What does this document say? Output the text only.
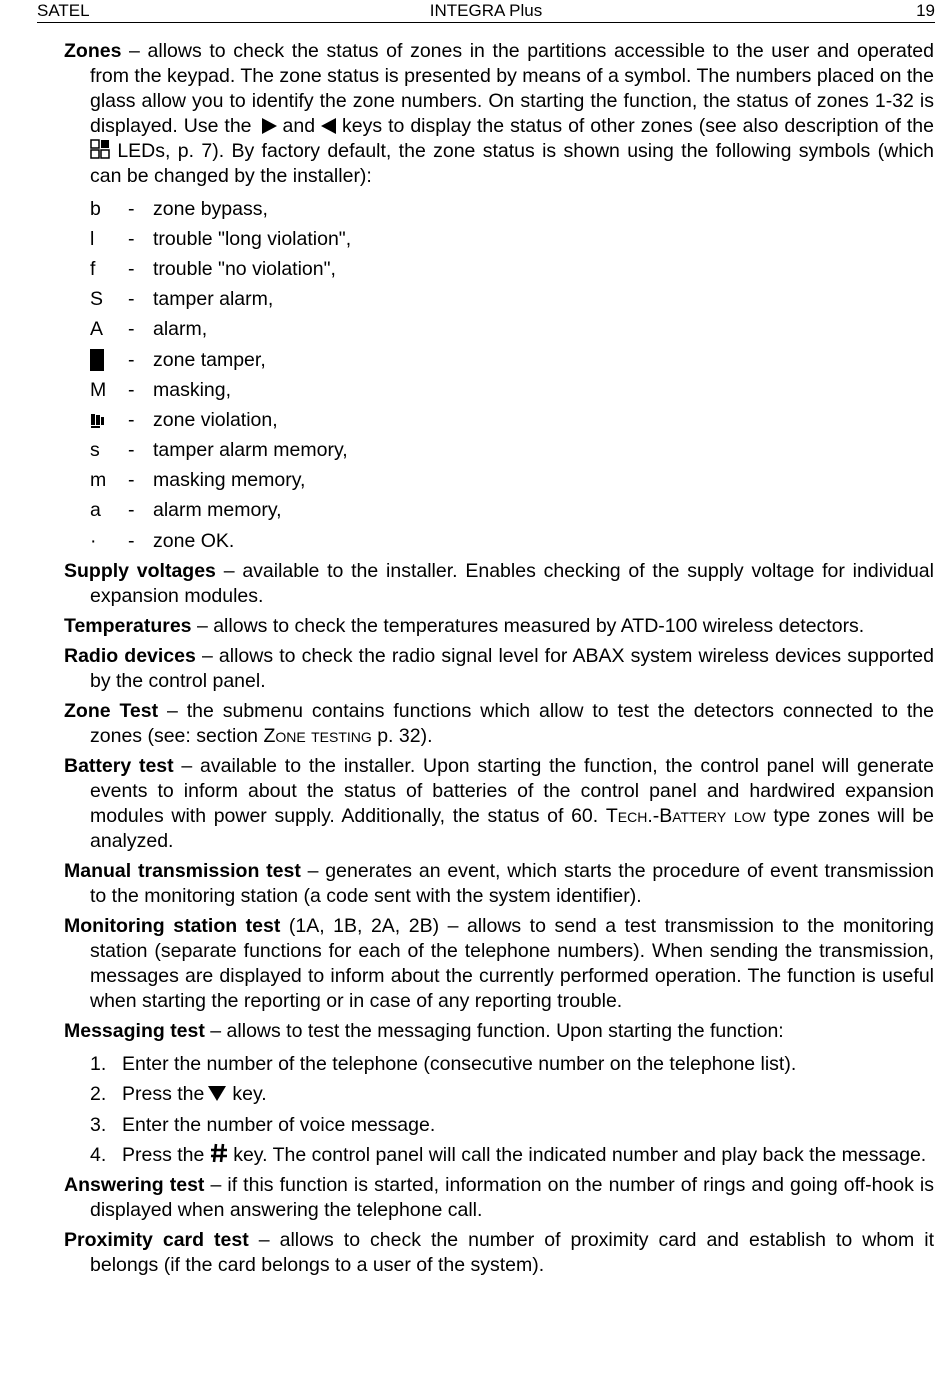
SATEL	INTEGRA Plus	19
Zones – allows to check the status of zones in the partitions accessible to the user and operated from the keypad. The zone status is presented by means of a symbol. The numbers placed on the glass allow you to identify the zone numbers. On starting the function, the status of zones 1-32 is displayed. Use the and keys to display the status of other zones (see also description of the  LEDs, p. 7). By factory default, the zone status is shown using the following symbols (which can be changed by the installer):
b	- zone bypass,
l	- trouble "long violation",
f	- trouble "no violation",
S	- tamper alarm,
A	- alarm,
- zone tamper,
M	- masking,
- zone violation,
s	- tamper alarm memory,
m	- masking memory,
a	- alarm memory,
·	- zone OK.
Supply voltages – available to the installer. Enables checking of the supply voltage for individual expansion modules.
Temperatures – allows to check the temperatures measured by ATD-100 wireless detectors.
Radio devices – allows to check the radio signal level for ABAX system wireless devices supported by the control panel.
Zone Test – the submenu contains functions which allow to test the detectors connected to the zones (see: section Zone testing p. 32).
Battery test – available to the installer. Upon starting the function, the control panel will generate events to inform about the status of batteries of the control panel and hardwired expansion modules with power supply. Additionally, the status of 60. Tech.-Battery low type zones will be analyzed.
Manual transmission test – generates an event, which starts the procedure of event transmission to the monitoring station (a code sent with the system identifier).
Monitoring station test (1A, 1B, 2A, 2B) – allows to send a test transmission to the monitoring station (separate functions for each of the telephone numbers). When sending the transmission, messages are displayed to inform about the currently performed operation. The function is useful when starting the reporting or in case of any reporting trouble.
Messaging test – allows to test the messaging function. Upon starting the function:
1. Enter the number of the telephone (consecutive number on the telephone list).
2. Press the key.
3. Enter the number of voice message.
4. Press the  key. The control panel will call the indicated number and play back the message.
Answering test – if this function is started, information on the number of rings and going off-hook is displayed when answering the telephone call.
Proximity card test – allows to check the number of proximity card and establish to whom it belongs (if the card belongs to a user of the system).
